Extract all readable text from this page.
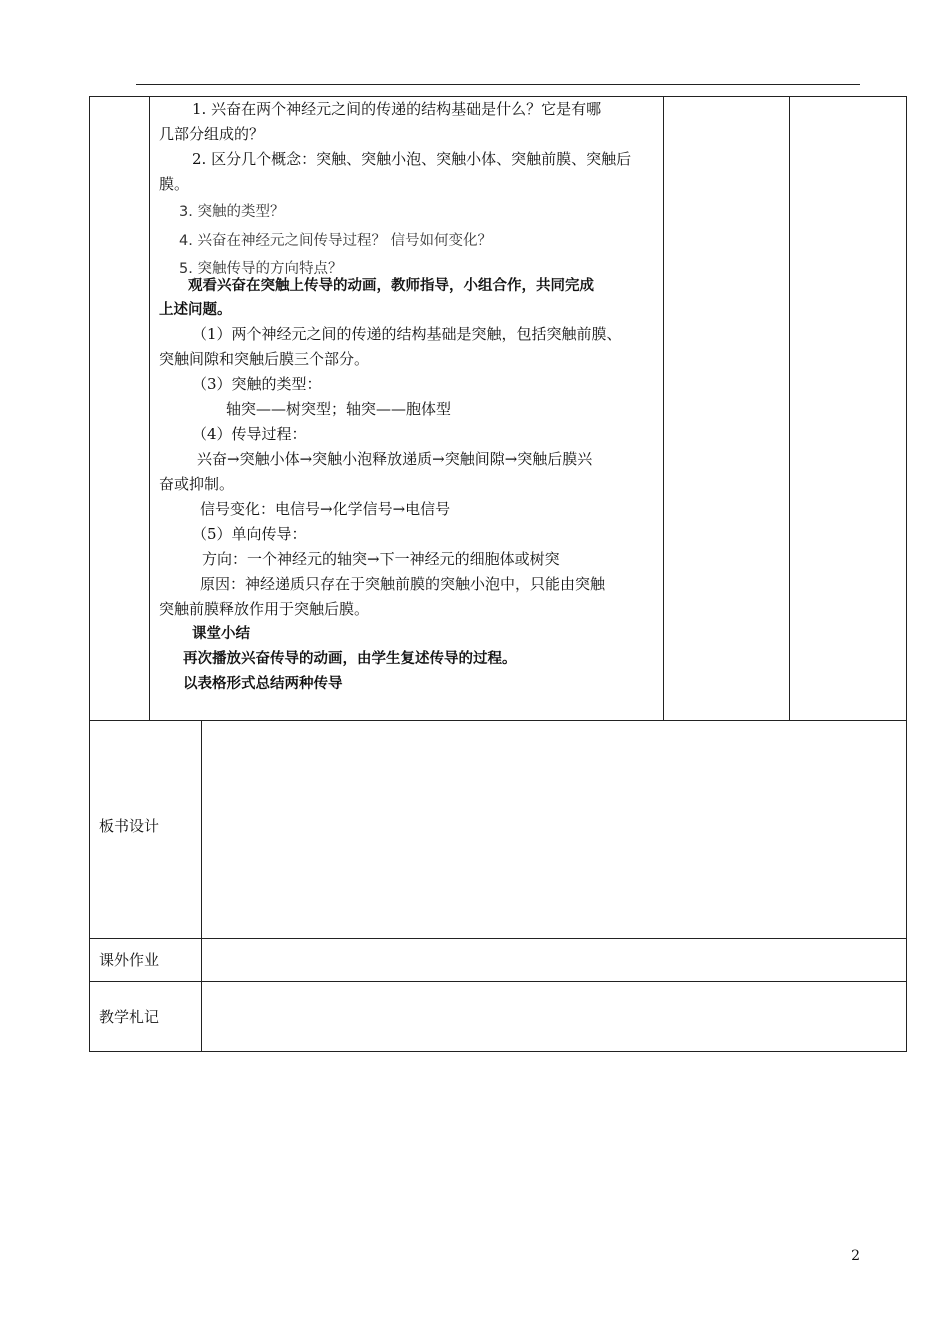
1. 兴奋在两个神经元之间的传递的结构基础是什么？它是有哪
几部分组成的？
2. 区分几个概念：突触、突触小泡、突触小体、突触前膜、突触后
膜。
3. 突触的类型？
4. 兴奋在神经元之间传导过程？ 信号如何变化？
5. 突触传导的方向特点？
观看兴奋在突触上传导的动画，教师指导，小组合作，共同完成
上述问题。
（1）两个神经元之间的传递的结构基础是突触，包括突触前膜、
突触间隙和突触后膜三个部分。
（3）突触的类型：
轴突——树突型；轴突——胞体型
（4）传导过程：
兴奋→突触小体→突触小泡释放递质→突触间隙→突触后膜兴
奋或抑制。
信号变化：电信号→化学信号→电信号
（5）单向传导：
方向：一个神经元的轴突→下一神经元的细胞体或树突
原因：神经递质只存在于突触前膜的突触小泡中，只能由突触
突触前膜释放作用于突触后膜。
课堂小结
再次播放兴奋传导的动画，由学生复述传导的过程。
以表格形式总结两种传导
板书设计
课外作业
教学札记
2
